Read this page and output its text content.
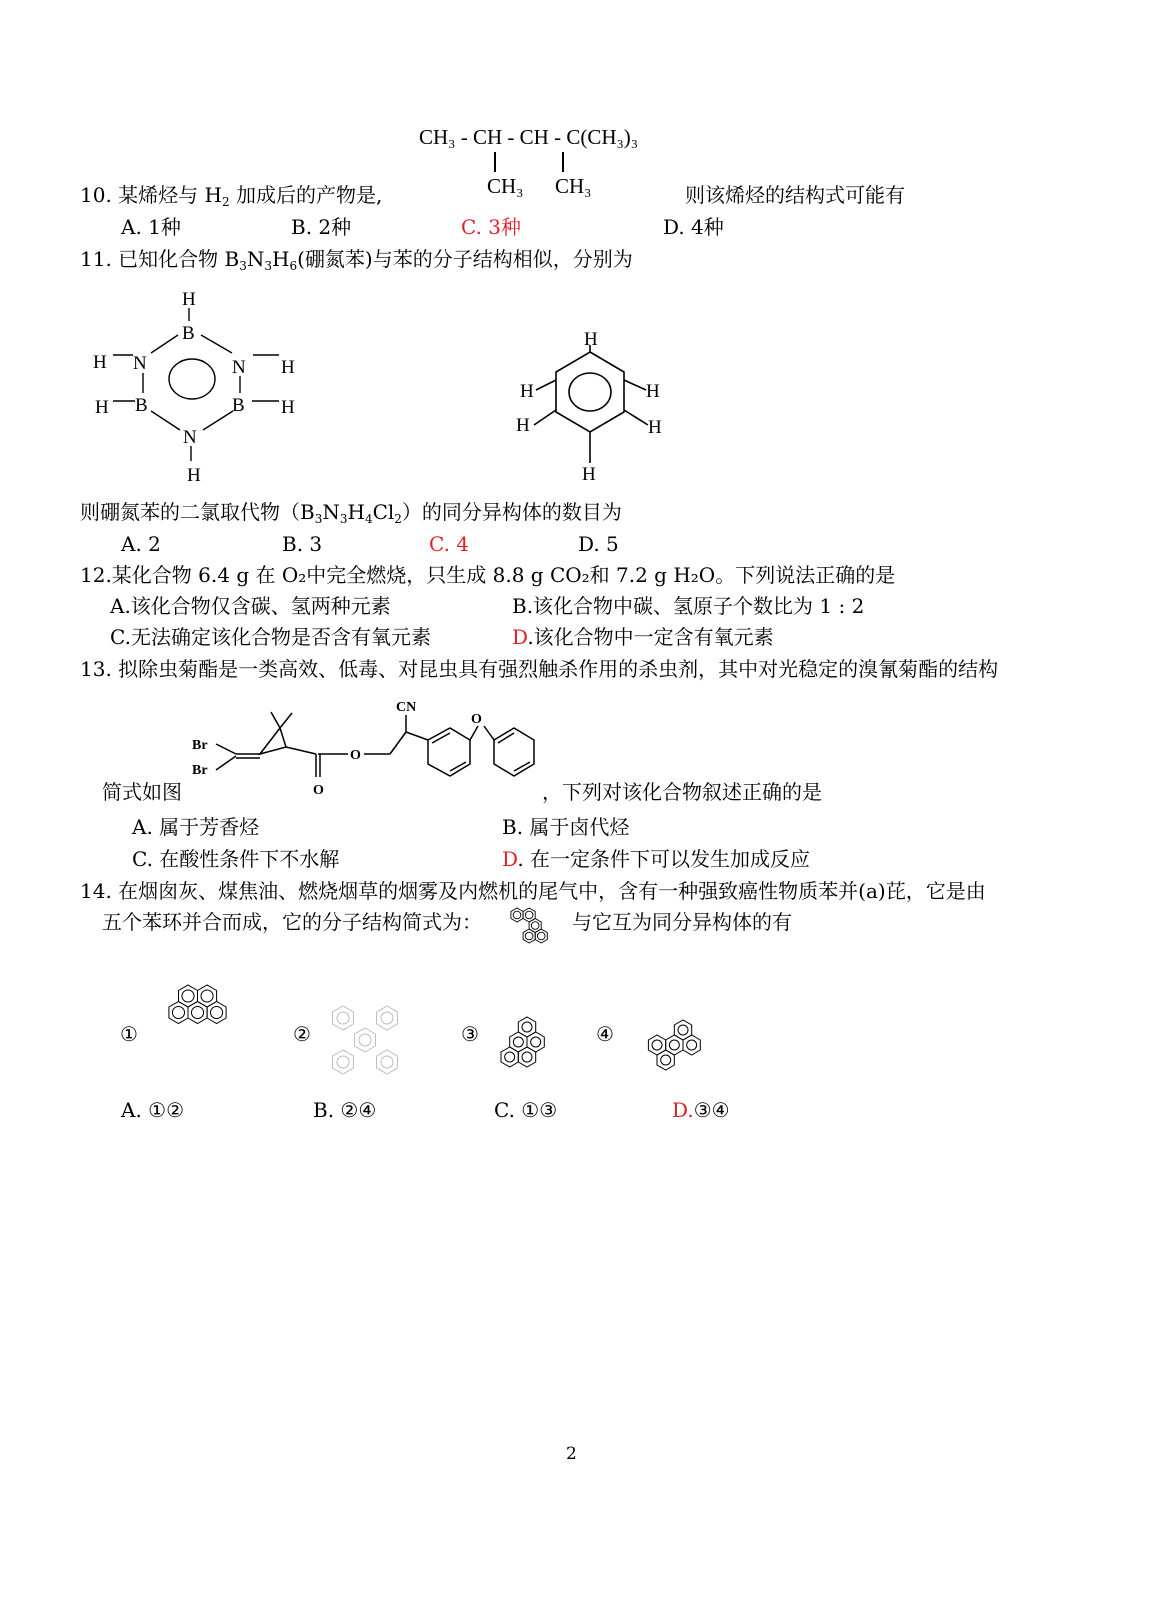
CH₃ - CH - CH - C(CH₃)₃
CH₃ CH₃
10. 某烯烃与 $H_2$ 加成后的产物是,	则该烯烃的结构式可能有
A. 1种	B. 2种	C. 3种	D. 4种
11. 已知化合物 $B_3N_3H_6$(硼氮苯)与苯的分子结构相似，分别为
H
B
N	N
H	H
B	B
H	H
N
H
H
H	H
H	H
H
则硼氮苯的二氯取代物$(B_3N_3H_4Cl_2)$的同分异构体的数目为
A. 2	B. 3	C. 4	D. 5
12.某化合物 6.4 g 在 O₂中完全燃烧，只生成 8.8 g CO₂和 7.2 g H₂O。下列说法正确的是
A.该化合物仅含碳、氢两种元素	B.该化合物中碳、氢原子个数比为 1 : 2
C.无法确定该化合物是否含有氧元素	D.该化合物中一定含有氧元素
13. 拟除虫菊酯是一类高效、低毒、对昆虫具有强烈触杀作用的杀虫剂，其中对光稳定的溴氰菊酯的结构
Br
Br
CN
O
O
O
简式如图	，下列对该化合物叙述正确的是
A. 属于芳香烃	B. 属于卤代烃
C. 在酸性条件下不水解	D. 在一定条件下可以发生加成反应
14. 在烟囱灰、煤焦油、燃烧烟草的烟雾及内燃机的尾气中，含有一种强致癌性物质苯并(a)芘，它是由
五个苯环并合而成，它的分子结构简式为：	与它互为同分异构体的有
①	②	③	④
A. ①②	B. ②④	C. ①③	D.③④
2
